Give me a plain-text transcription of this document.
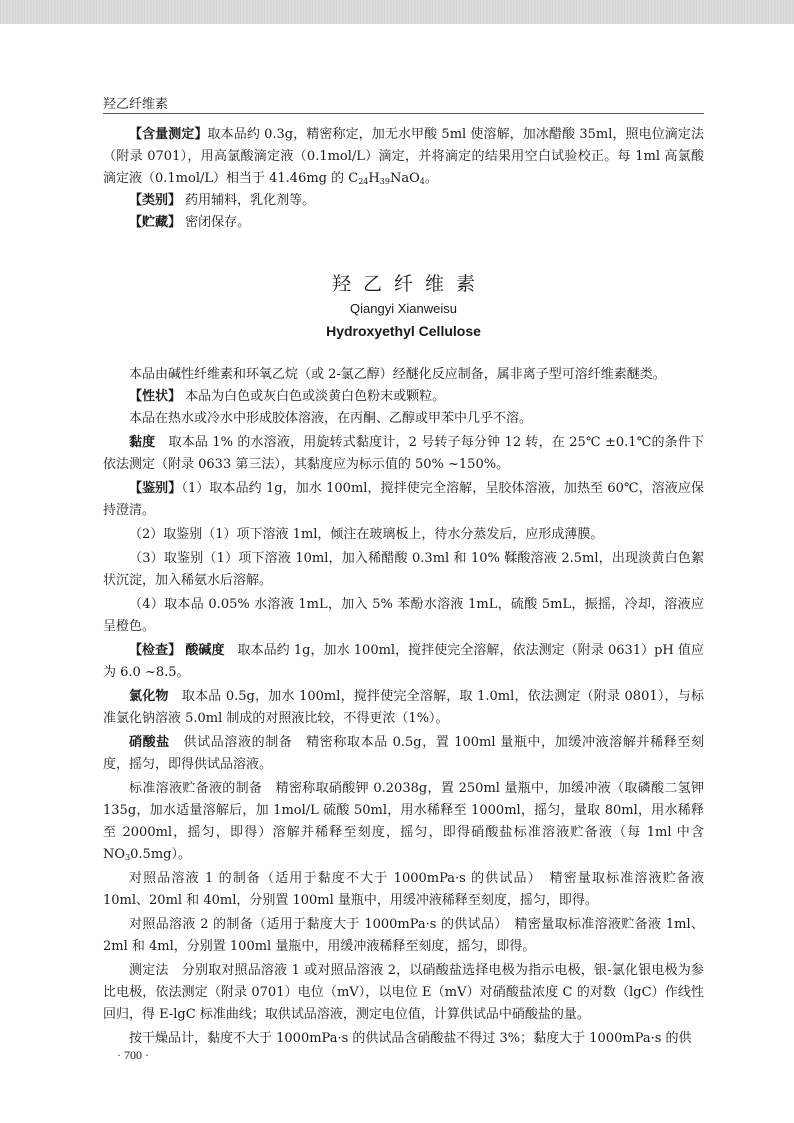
羟乙纤维素

【含量测定】取本品约 0.3g，精密称定，加无水甲酸 5ml 使溶解，加冰醋酸 35ml，照电位滴定法（附录 0701），用高氯酸滴定液（0.1mol/L）滴定，并将滴定的结果用空白试验校正。每 1ml 高氯酸滴定液（0.1mol/L）相当于 41.46mg 的 $C_{24}H_{39}NaO_4$。

【类别】 药用辅料，乳化剂等。

【贮藏】 密闭保存。

羟乙纤维素
Qiangyi Xianweisu
Hydroxyethyl Cellulose

本品由碱性纤维素和环氧乙烷（或 2-氯乙醇）经醚化反应制备，属非离子型可溶纤维素醚类。

【性状】 本品为白色或灰白色或淡黄白色粉末或颗粒。

本品在热水或冷水中形成胶体溶液，在丙酮、乙醇或甲苯中几乎不溶。

黏度　 取本品 1% 的水溶液，用旋转式黏度计，2 号转子每分钟 12 转，在 25℃ ±0.1℃的条件下依法测定（附录 0633 第三法），其黏度应为标示值的 50% ~150%。

【鉴别】（1）取本品约 1g，加水 100ml，搅拌使完全溶解，呈胶体溶液，加热至 60℃，溶液应保持澄清。

（2）取鉴别（1）项下溶液 1ml，倾注在玻璃板上，待水分蒸发后，应形成薄膜。

（3）取鉴别（1）项下溶液 10ml，加入稀醋酸 0.3ml 和 10% 鞣酸溶液 2.5ml，出现淡黄白色絮状沉淀，加入稀氨水后溶解。

（4）取本品 0.05% 水溶液 1mL，加入 5% 苯酚水溶液 1mL，硫酸 5mL，振摇，冷却，溶液应呈橙色。

【检查】 酸碱度　 取本品约 1g，加水 100ml，搅拌使完全溶解，依法测定（附录 0631）pH 值应为 6.0 ~8.5。

氯化物　 取本品 0.5g，加水 100ml，搅拌使完全溶解，取 1.0ml，依法测定（附录 0801），与标准氯化钠溶液 5.0ml 制成的对照液比较，不得更浓（1%）。

硝酸盐　 供试品溶液的制备　精密称取本品 0.5g，置 100ml 量瓶中，加缓冲液溶解并稀释至刻度，摇匀，即得供试品溶液。

标准溶液贮备液的制备　精密称取硝酸钾 0.2038g，置 250ml 量瓶中，加缓冲液（取磷酸二氢钾 135g，加水适量溶解后，加 1mol/L 硫酸 50ml，用水稀释至 1000ml，摇匀，量取 80ml，用水稀释至 2000ml，摇匀，即得）溶解并稀释至刻度，摇匀，即得硝酸盐标准溶液贮备液（每 1ml 中含 $NO_30.5mg$）。

对照品溶液 1 的制备（适用于黏度不大于 1000mPa·s 的供试品）　精密量取标准溶液贮备液 10ml、20ml 和 40ml，分别置 100ml 量瓶中，用缓冲液稀释至刻度，摇匀，即得。

对照品溶液 2 的制备（适用于黏度大于 1000mPa·s 的供试品）　精密量取标准溶液贮备液 1ml、2ml 和 4ml，分别置 100ml 量瓶中，用缓冲液稀释至刻度，摇匀，即得。

测定法　分别取对照品溶液 1 或对照品溶液 2，以硝酸盐选择电极为指示电极，银-氯化银电极为参比电极，依法测定（附录 0701）电位（mV），以电位 E（mV）对硝酸盐浓度 C 的对数（lgC）作线性回归，得 E-lgC 标准曲线；取供试品溶液，测定电位值，计算供试品中硝酸盐的量。

按干燥品计，黏度不大于 1000mPa·s 的供试品含硝酸盐不得过 3%；黏度大于 1000mPa·s 的供

· 700 ·
